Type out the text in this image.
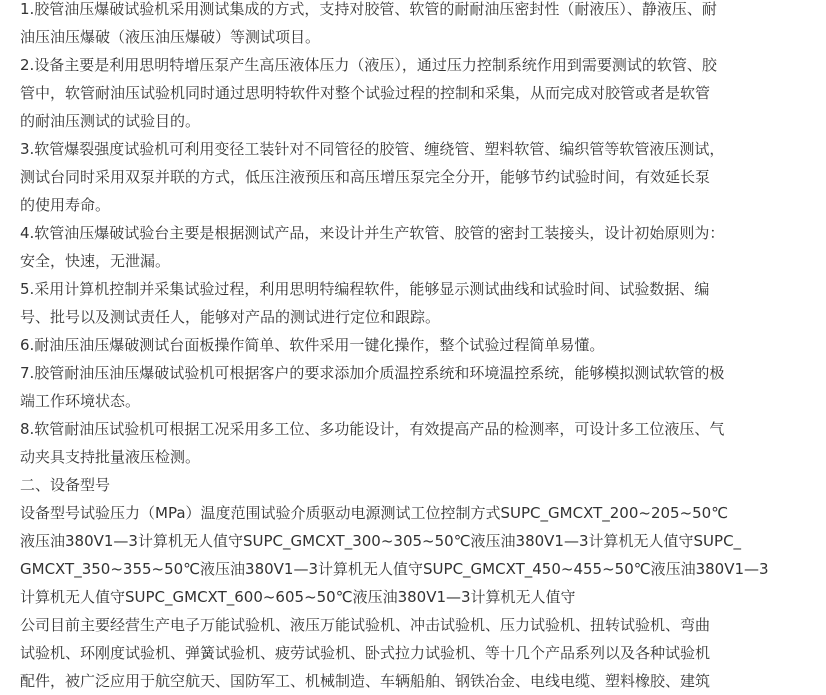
1.胶管油压爆破试验机采用测试集成的方式，支持对胶管、软管的耐耐油压密封性（耐液压）、静液压、耐
油压油压爆破（液压油压爆破）等测试项目。

2.设备主要是利用思明特增压泵产生高压液体压力（液压），通过压力控制系统作用到需要测试的软管、胶
管中，软管耐油压试验机同时通过思明特软件对整个试验过程的控制和采集，从而完成对胶管或者是软管
的耐油压测试的试验目的。

3.软管爆裂强度试验机可利用变径工装针对不同管径的胶管、缠绕管、塑料软管、编织管等软管液压测试，
测试台同时采用双泵并联的方式，低压注液预压和高压增压泵完全分开，能够节约试验时间，有效延长泵
的使用寿命。

4.软管油压爆破试验台主要是根据测试产品，来设计并生产软管、胶管的密封工装接头，设计初始原则为：
安全，快速，无泄漏。

5.采用计算机控制并采集试验过程，利用思明特编程软件，能够显示测试曲线和试验时间、试验数据、编
号、批号以及测试责任人，能够对产品的测试进行定位和跟踪。

6.耐油压油压爆破测试台面板操作简单、软件采用一键化操作，整个试验过程简单易懂。

7.胶管耐油压油压爆破试验机可根据客户的要求添加介质温控系统和环境温控系统，能够模拟测试软管的极
端工作环境状态。

8.软管耐油压试验机可根据工况采用多工位、多功能设计，有效提高产品的检测率，可设计多工位液压、气
动夹具支持批量液压检测。

二、设备型号

设备型号试验压力（MPa）温度范围试验介质驱动电源测试工位控制方式SUPC_GMCXT_200~205~50℃
液压油380V1—3计算机无人值守SUPC_GMCXT_300~305~50℃液压油380V1—3计算机无人值守SUPC_
GMCXT_350~355~50℃液压油380V1—3计算机无人值守SUPC_GMCXT_450~455~50℃液压油380V1—3
计算机无人值守SUPC_GMCXT_600~605~50℃液压油380V1—3计算机无人值守

公司目前主要经营生产电子万能试验机、液压万能试验机、冲击试验机、压力试验机、扭转试验机、弯曲
试验机、环刚度试验机、弹簧试验机、疲劳试验机、卧式拉力试验机、等十几个产品系列以及各种试验机
配件，被广泛应用于航空航天、国防军工、机械制造、车辆船舶、钢铁冶金、电线电缆、塑料橡胶、建筑
